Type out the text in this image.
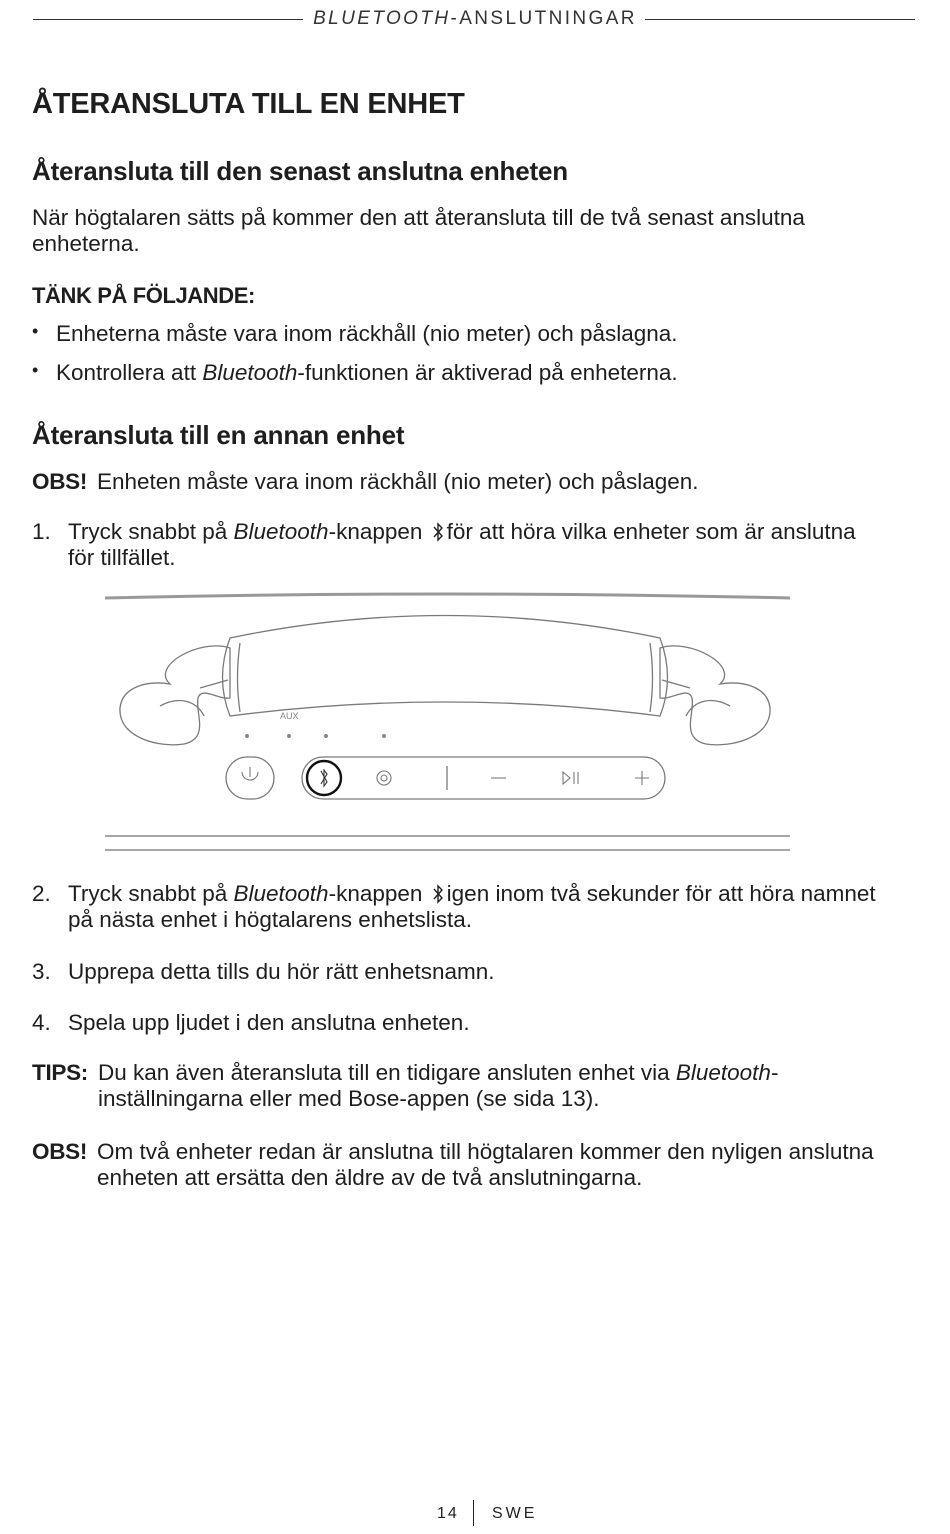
BLUETOOTH-ANSLUTNINGAR
ÅTERANSLUTA TILL EN ENHET
Återansluta till den senast anslutna enheten
När högtalaren sätts på kommer den att återansluta till de två senast anslutna
enheterna.
TÄNK PÅ FÖLJANDE:
• Enheterna måste vara inom räckhåll (nio meter) och påslagna.
• Kontrollera att Bluetooth-funktionen är aktiverad på enheterna.
Återansluta till en annan enhet
OBS! Enheten måste vara inom räckhåll (nio meter) och påslagen.
1. Tryck snabbt på Bluetooth-knappen för att höra vilka enheter som är anslutna
för tillfället.
AUX
2. Tryck snabbt på Bluetooth-knappen igen inom två sekunder för att höra namnet
på nästa enhet i högtalarens enhetslista.
3. Upprepa detta tills du hör rätt enhetsnamn.
4. Spela upp ljudet i den anslutna enheten.
TIPS: Du kan även återansluta till en tidigare ansluten enhet via Bluetooth-
inställningarna eller med Bose-appen (se sida 13).
OBS! Om två enheter redan är anslutna till högtalaren kommer den nyligen anslutna
enheten att ersätta den äldre av de två anslutningarna.
14 SWE
